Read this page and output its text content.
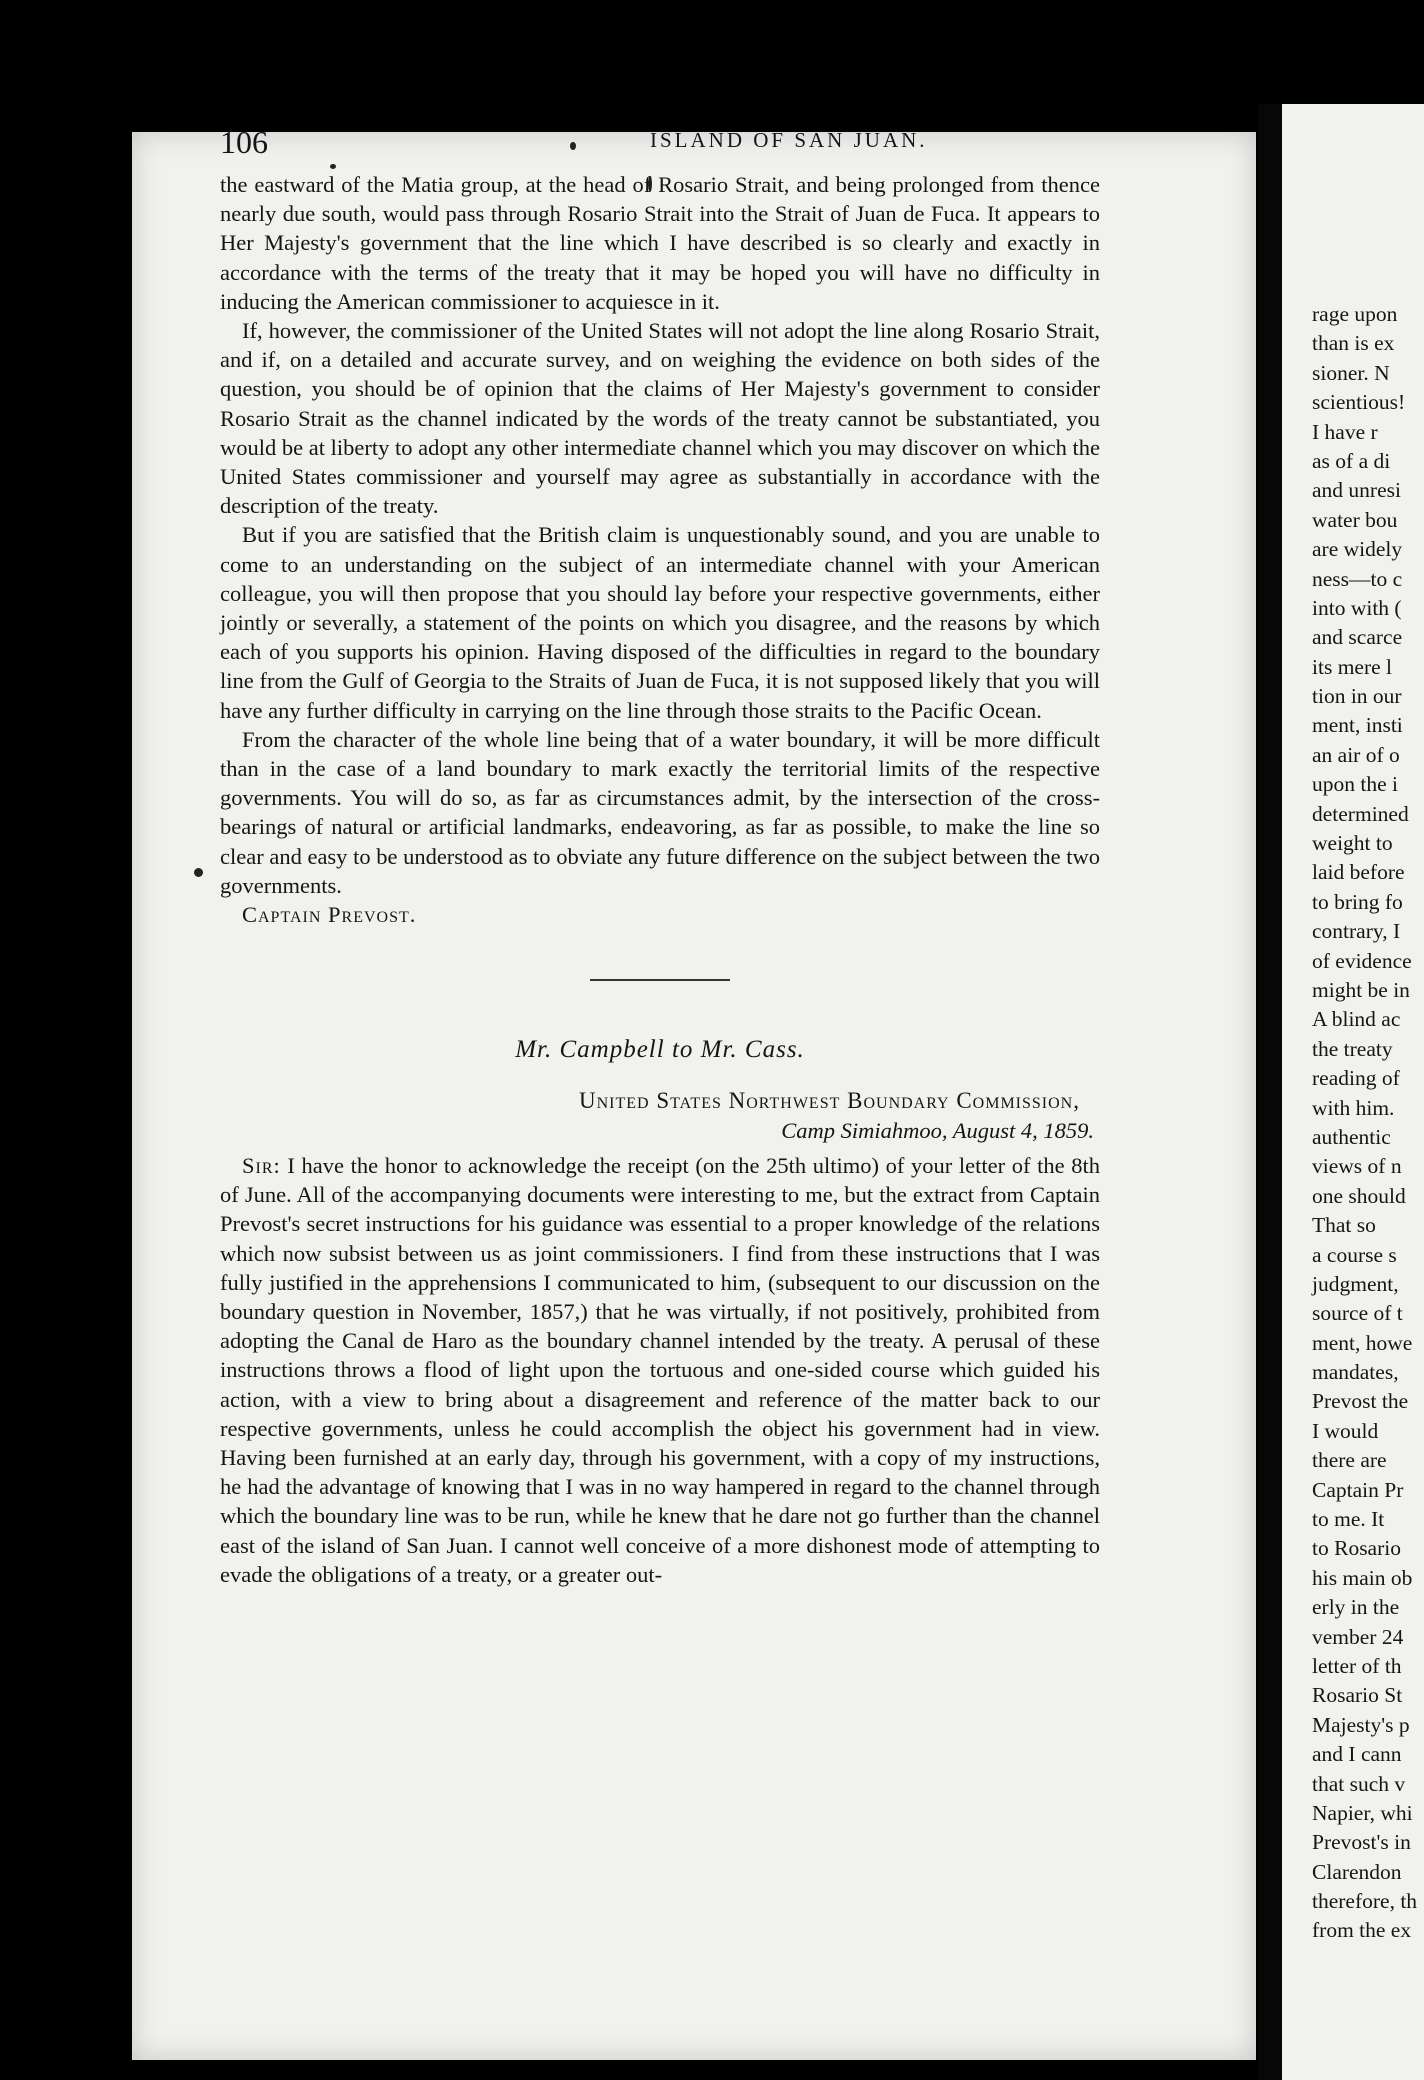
106	ISLAND OF SAN JUAN.

the eastward of the Matia group, at the head of Rosario Strait, and being prolonged from thence nearly due south, would pass through Rosario Strait into the Strait of Juan de Fuca. It appears to Her Majesty's government that the line which I have described is so clearly and exactly in accordance with the terms of the treaty that it may be hoped you will have no difficulty in inducing the American commissioner to acquiesce in it.

If, however, the commissioner of the United States will not adopt the line along Rosario Strait, and if, on a detailed and accurate survey, and on weighing the evidence on both sides of the question, you should be of opinion that the claims of Her Majesty's government to consider Rosario Strait as the channel indicated by the words of the treaty cannot be substantiated, you would be at liberty to adopt any other intermediate channel which you may discover on which the United States commissioner and yourself may agree as substantially in accordance with the description of the treaty.

But if you are satisfied that the British claim is unquestionably sound, and you are unable to come to an understanding on the subject of an intermediate channel with your American colleague, you will then propose that you should lay before your respective governments, either jointly or severally, a statement of the points on which you disagree, and the reasons by which each of you supports his opinion. Having disposed of the difficulties in regard to the boundary line from the Gulf of Georgia to the Straits of Juan de Fuca, it is not supposed likely that you will have any further difficulty in carrying on the line through those straits to the Pacific Ocean.

From the character of the whole line being that of a water boundary, it will be more difficult than in the case of a land boundary to mark exactly the territorial limits of the respective governments. You will do so, as far as circumstances admit, by the intersection of the cross-bearings of natural or artificial landmarks, endeavoring, as far as possible, to make the line so clear and easy to be understood as to obviate any future difference on the subject between the two governments.

Captain Prevost.
Mr. Campbell to Mr. Cass.
United States Northwest Boundary Commission,
Camp Simiahmoo, August 4, 1859.

Sir: I have the honor to acknowledge the receipt (on the 25th ultimo) of your letter of the 8th of June. All of the accompanying documents were interesting to me, but the extract from Captain Prevost's secret instructions for his guidance was essential to a proper knowledge of the relations which now subsist between us as joint commissioners. I find from these instructions that I was fully justified in the apprehensions I communicated to him, (subsequent to our discussion on the boundary question in November, 1857,) that he was virtually, if not positively, prohibited from adopting the Canal de Haro as the boundary channel intended by the treaty. A perusal of these instructions throws a flood of light upon the tortuous and one-sided course which guided his action, with a view to bring about a disagreement and reference of the matter back to our respective governments, unless he could accomplish the object his government had in view. Having been furnished at an early day, through his government, with a copy of my instructions, he had the advantage of knowing that I was in no way hampered in regard to the channel through which the boundary line was to be run, while he knew that he dare not go further than the channel east of the island of San Juan. I cannot well conceive of a more dishonest mode of attempting to evade the obligations of a treaty, or a greater out-

rage upon
than is ex
sioner. N
scientious!
I have r
as of a di
and unresi
water bou
are widely
ness—to c
into with (
and scarce
its mere l
tion in our
ment, insti
an air of o
upon the i
determined
weight to
laid before
to bring fo
contrary, I
of evidence
might be in
A blind ac
the treaty
reading of
with him.
authentic
views of n
one should
That so
a course s
judgment,
source of t
ment, howe
mandates,
Prevost the
I would
there are
Captain Pr
to me. It
to Rosario
his main ob
erly in the
vember 24
letter of th
Rosario St
Majesty's p
and I cann
that such v
Napier, whi
Prevost's in
Clarendon
therefore, th
from the ex
